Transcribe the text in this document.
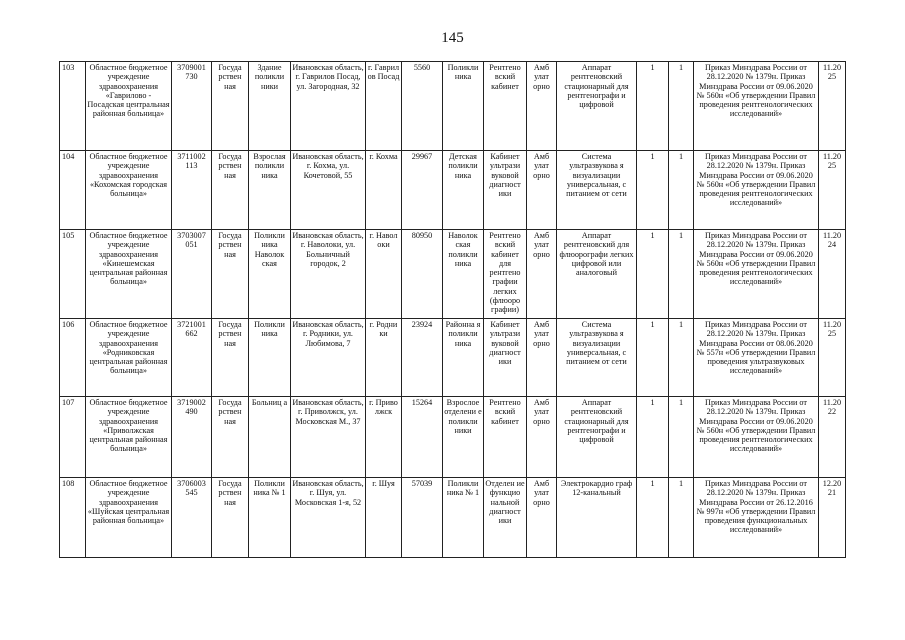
145
103	Областное бюджетное учреждение здравоохранения «Гаврилово - Посадская центральная районная больница»	3709001 730	Госуда рствен ная	Здание поликли ники	Ивановская область, г. Гаврилов Посад, ул. Загородная, 32	г. Гаврил ов Посад	5560	Поликли ника	Рентгено вский кабинет	Амб улат орно	Аппарат рентгеновский стационарный для рентгенографи и цифровой	1	1	Приказ Минздрава России от 28.12.2020 № 1379н. Приказ Минздрава России от 09.06.2020 № 560н «Об утверждении Правил проведения рентгенологических исследований»	11.20 25
104	Областное бюджетное учреждение здравоохранения «Кохомская городская больница»	3711002 113	Госуда рствен ная	Взрослая поликли ника	Ивановская область, г. Кохма, ул. Кочетовой, 55	г. Кохма	29967	Детская поликли ника	Кабинет ультрази вуковой диагност ики	Амб улат орно	Система ультразвукова я визуализации универсальная, с питанием от сети	1	1	Приказ Минздрава России от 28.12.2020 № 1379н. Приказ Минздрава России от 09.06.2020 № 560н «Об утверждении Правил проведения рентгенологических исследований»	11.20 25
105	Областное бюджетное учреждение здравоохранения «Кинешемская центральная районная больница»	3703007 051	Госуда рствен ная	Поликли ника Наволок ская	Ивановская область, г. Наволоки, ул. Больничный городок, 2	г. Навол оки	80950	Наволок ская поликли ника	Рентгено вский кабинет для рентгено графии легких (флюоро графии)	Амб улат орно	Аппарат рентгеновский для флюорографи легких цифровой или аналоговый	1	1	Приказ Минздрава России от 28.12.2020 № 1379н. Приказ Минздрава России от 09.06.2020 № 560н «Об утверждении Правил проведения рентгенологических исследований»	11.20 24
106	Областное бюджетное учреждение здравоохранения «Родниковская центральная районная больница»	3721001 662	Госуда рствен ная	Поликли ника	Ивановская область, г. Родники, ул. Любимова, 7	г. Родни ки	23924	Районна я поликли ника	Кабинет ультрази вуковой диагност ики	Амб улат орно	Система ультразвукова я визуализации универсальная, с питанием от сети	1	1	Приказ Минздрава России от 28.12.2020 № 1379н. Приказ Минздрава России от 08.06.2020 № 557н «Об утверждении Правил проведения ультразвуковых исследований»	11.20 25
107	Областное бюджетное учреждение здравоохранения «Приволжская центральная районная больница»	3719002 490	Госуда рствен ная	Больниц а	Ивановская область, г. Приволжск, ул. Московская М., 37	г. Приво лжск	15264	Взрослое отделени е поликли ники	Рентгено вский кабинет	Амб улат орно	Аппарат рентгеновский стационарный для рентгенографи и цифровой	1	1	Приказ Минздрава России от 28.12.2020 № 1379н. Приказ Минздрава России от 09.06.2020 № 560н «Об утверждении Правил проведения рентгенологических исследований»	11.20 22
108	Областное бюджетное учреждение здравоохранения «Шуйская центральная районная больница»	3706003 545	Госуда рствен ная	Поликли ника № 1	Ивановская область, г. Шуя, ул. Московская 1-я, 52	г. Шуя	57039	Поликли ника № 1	Отделен ие функцио нальной диагност ики	Амб улат орно	Электрокардио граф 12-канальный	1	1	Приказ Минздрава России от 28.12.2020 № 1379н. Приказ Минздрава России от 26.12.2016 № 997н «Об утверждении Правил проведения функциональных исследований»	12.20 21
